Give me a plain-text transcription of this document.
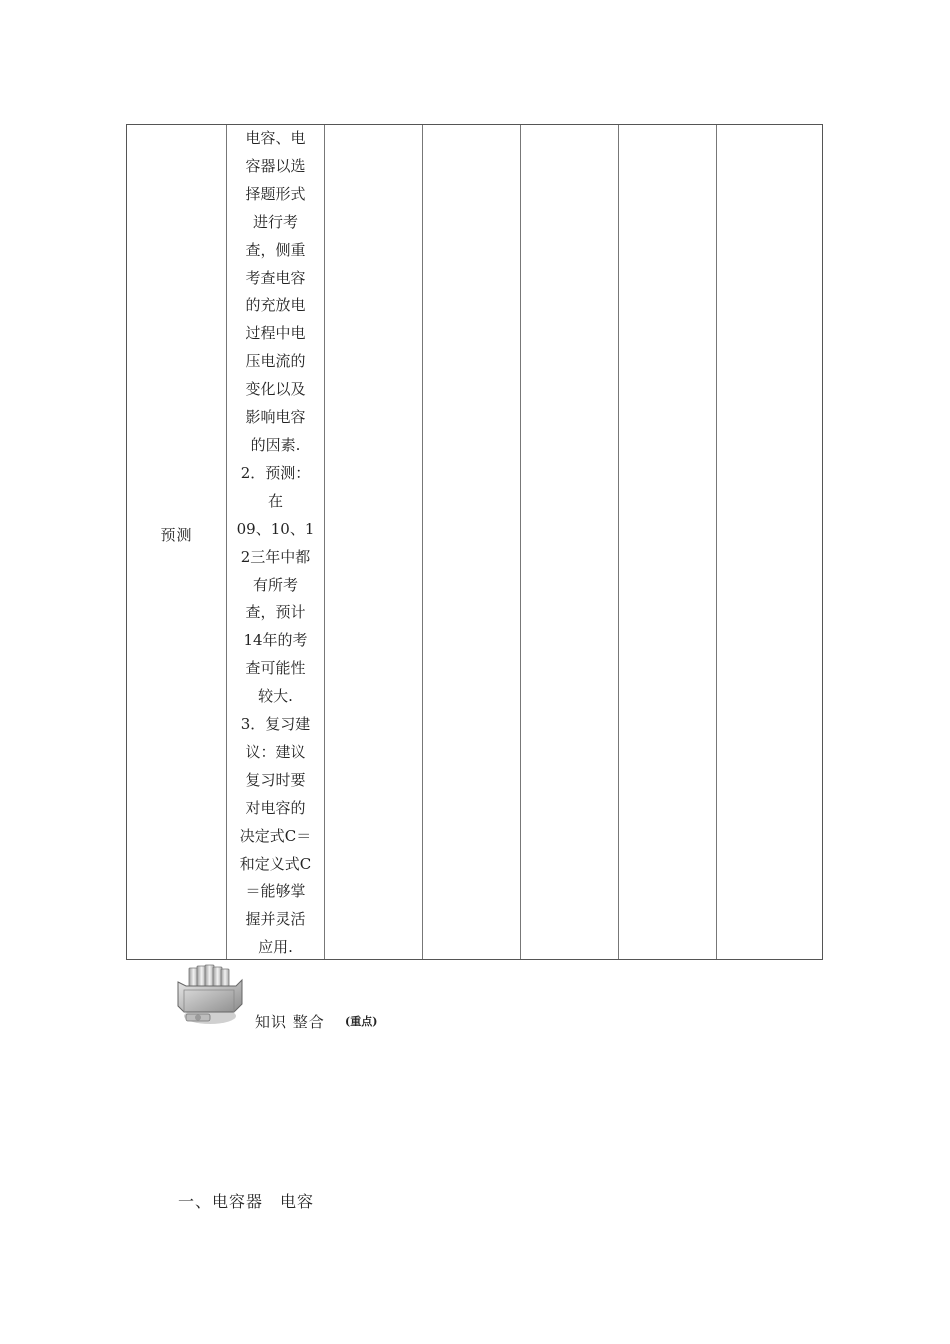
预测
电容、电
容器以选
择题形式
进行考
查，侧重
考查电容
的充放电
过程中电
压电流的
变化以及
影响电容
的因素.
2．预测：
在
09、10、1
2三年中都
有所考
查，预计
14年的考
查可能性
较大.
3．复习建
议：建议
复习时要
对电容的
决定式C＝
和定义式C
＝能够掌
握并灵活
应用.
知识 整合 (重点)
一、电容器　电容
